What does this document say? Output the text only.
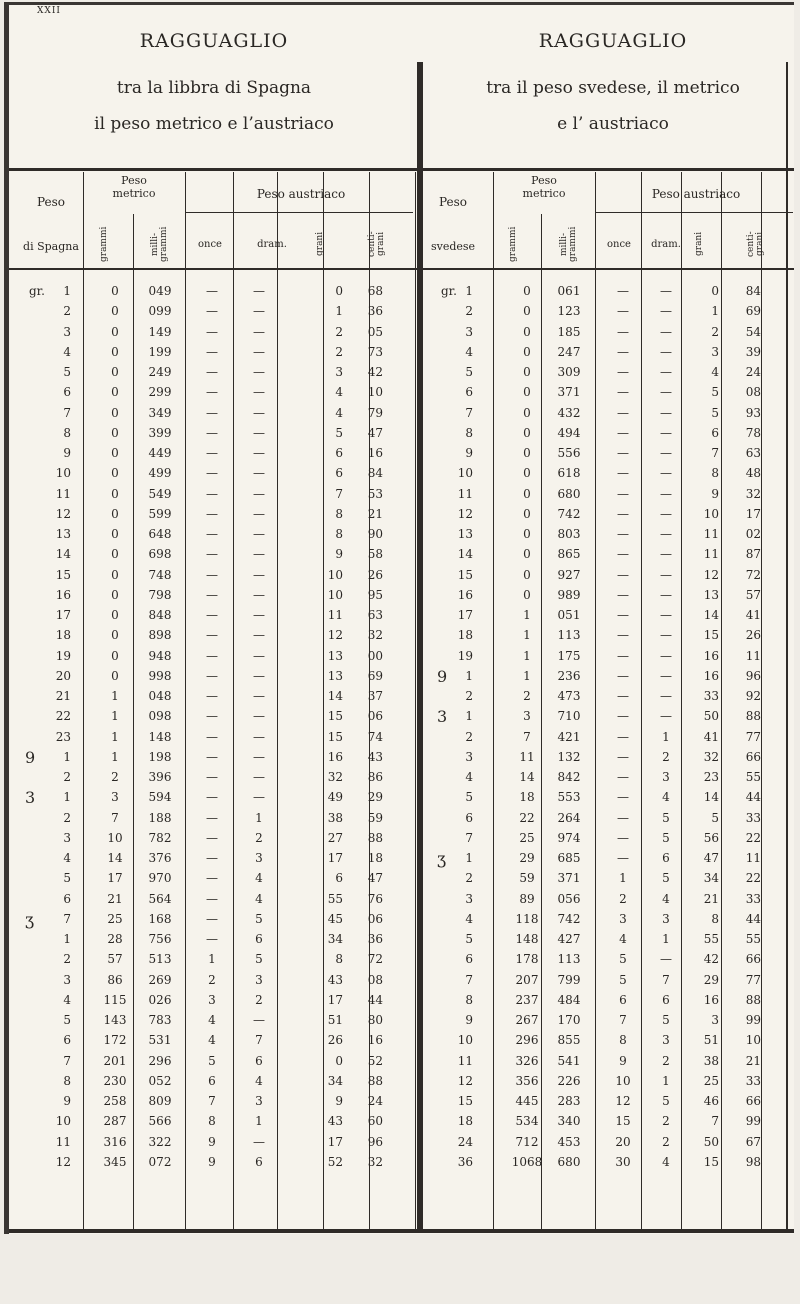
XXII
RAGGUAGLIO
tra la libbra di Spagna
il peso metrico e l’austriaco
RAGGUAGLIO
tra il peso svedese, il metrico
e l’ austriaco
Peso
di Spagna
Peso
metrico	Peso austriaco
grammi	milli-
grammi	once	dram.	grani	centi-
grani
gr.
9
3
ʒ
1	0	049	—	—	0	68
2	0	099	—	—	1	36
3	0	149	—	—	2	05
4	0	199	—	—	2	73
5	0	249	—	—	3	42
6	0	299	—	—	4	10
7	0	349	—	—	4	79
8	0	399	—	—	5	47
9	0	449	—	—	6	16
10	0	499	—	—	6	84
11	0	549	—	—	7	53
12	0	599	—	—	8	21
13	0	648	—	—	8	90
14	0	698	—	—	9	58
15	0	748	—	—	10	26
16	0	798	—	—	10	95
17	0	848	—	—	11	63
18	0	898	—	—	12	32
19	0	948	—	—	13	00
20	0	998	—	—	13	69
21	1	048	—	—	14	37
22	1	098	—	—	15	06
23	1	148	—	—	15	74
1	1	198	—	—	16	43
2	2	396	—	—	32	86
1	3	594	—	—	49	29
2	7	188	—	1	38	59
3	10	782	—	2	27	88
4	14	376	—	3	17	18
5	17	970	—	4	6	47
6	21	564	—	4	55	76
7	25	168	—	5	45	06
1	28	756	—	6	34	36
2	57	513	1	5	8	72
3	86	269	2	3	43	08
4	115	026	3	2	17	44
5	143	783	4	—	51	80
6	172	531	4	7	26	16
7	201	296	5	6	0	52
8	230	052	6	4	34	88
9	258	809	7	3	9	24
10	287	566	8	1	43	60
11	316	322	9	—	17	96
12	345	072	9	6	52	32
Peso
svedese
Peso
metrico	Peso austriaco
grammi	milli-
grammi	once	dram.	grani	centi-
grani
gr.
9
3
ʒ
1	0	061	—	—	0	84
2	0	123	—	—	1	69
3	0	185	—	—	2	54
4	0	247	—	—	3	39
5	0	309	—	—	4	24
6	0	371	—	—	5	08
7	0	432	—	—	5	93
8	0	494	—	—	6	78
9	0	556	—	—	7	63
10	0	618	—	—	8	48
11	0	680	—	—	9	32
12	0	742	—	—	10	17
13	0	803	—	—	11	02
14	0	865	—	—	11	87
15	0	927	—	—	12	72
16	0	989	—	—	13	57
17	1	051	—	—	14	41
18	1	113	—	—	15	26
19	1	175	—	—	16	11
1	1	236	—	—	16	96
2	2	473	—	—	33	92
1	3	710	—	—	50	88
2	7	421	—	1	41	77
3	11	132	—	2	32	66
4	14	842	—	3	23	55
5	18	553	—	4	14	44
6	22	264	—	5	5	33
7	25	974	—	5	56	22
1	29	685	—	6	47	11
2	59	371	1	5	34	22
3	89	056	2	4	21	33
4	118	742	3	3	8	44
5	148	427	4	1	55	55
6	178	113	5	—	42	66
7	207	799	5	7	29	77
8	237	484	6	6	16	88
9	267	170	7	5	3	99
10	296	855	8	3	51	10
11	326	541	9	2	38	21
12	356	226	10	1	25	33
15	445	283	12	5	46	66
18	534	340	15	2	7	99
24	712	453	20	2	50	67
36	1068	680	30	4	15	98
